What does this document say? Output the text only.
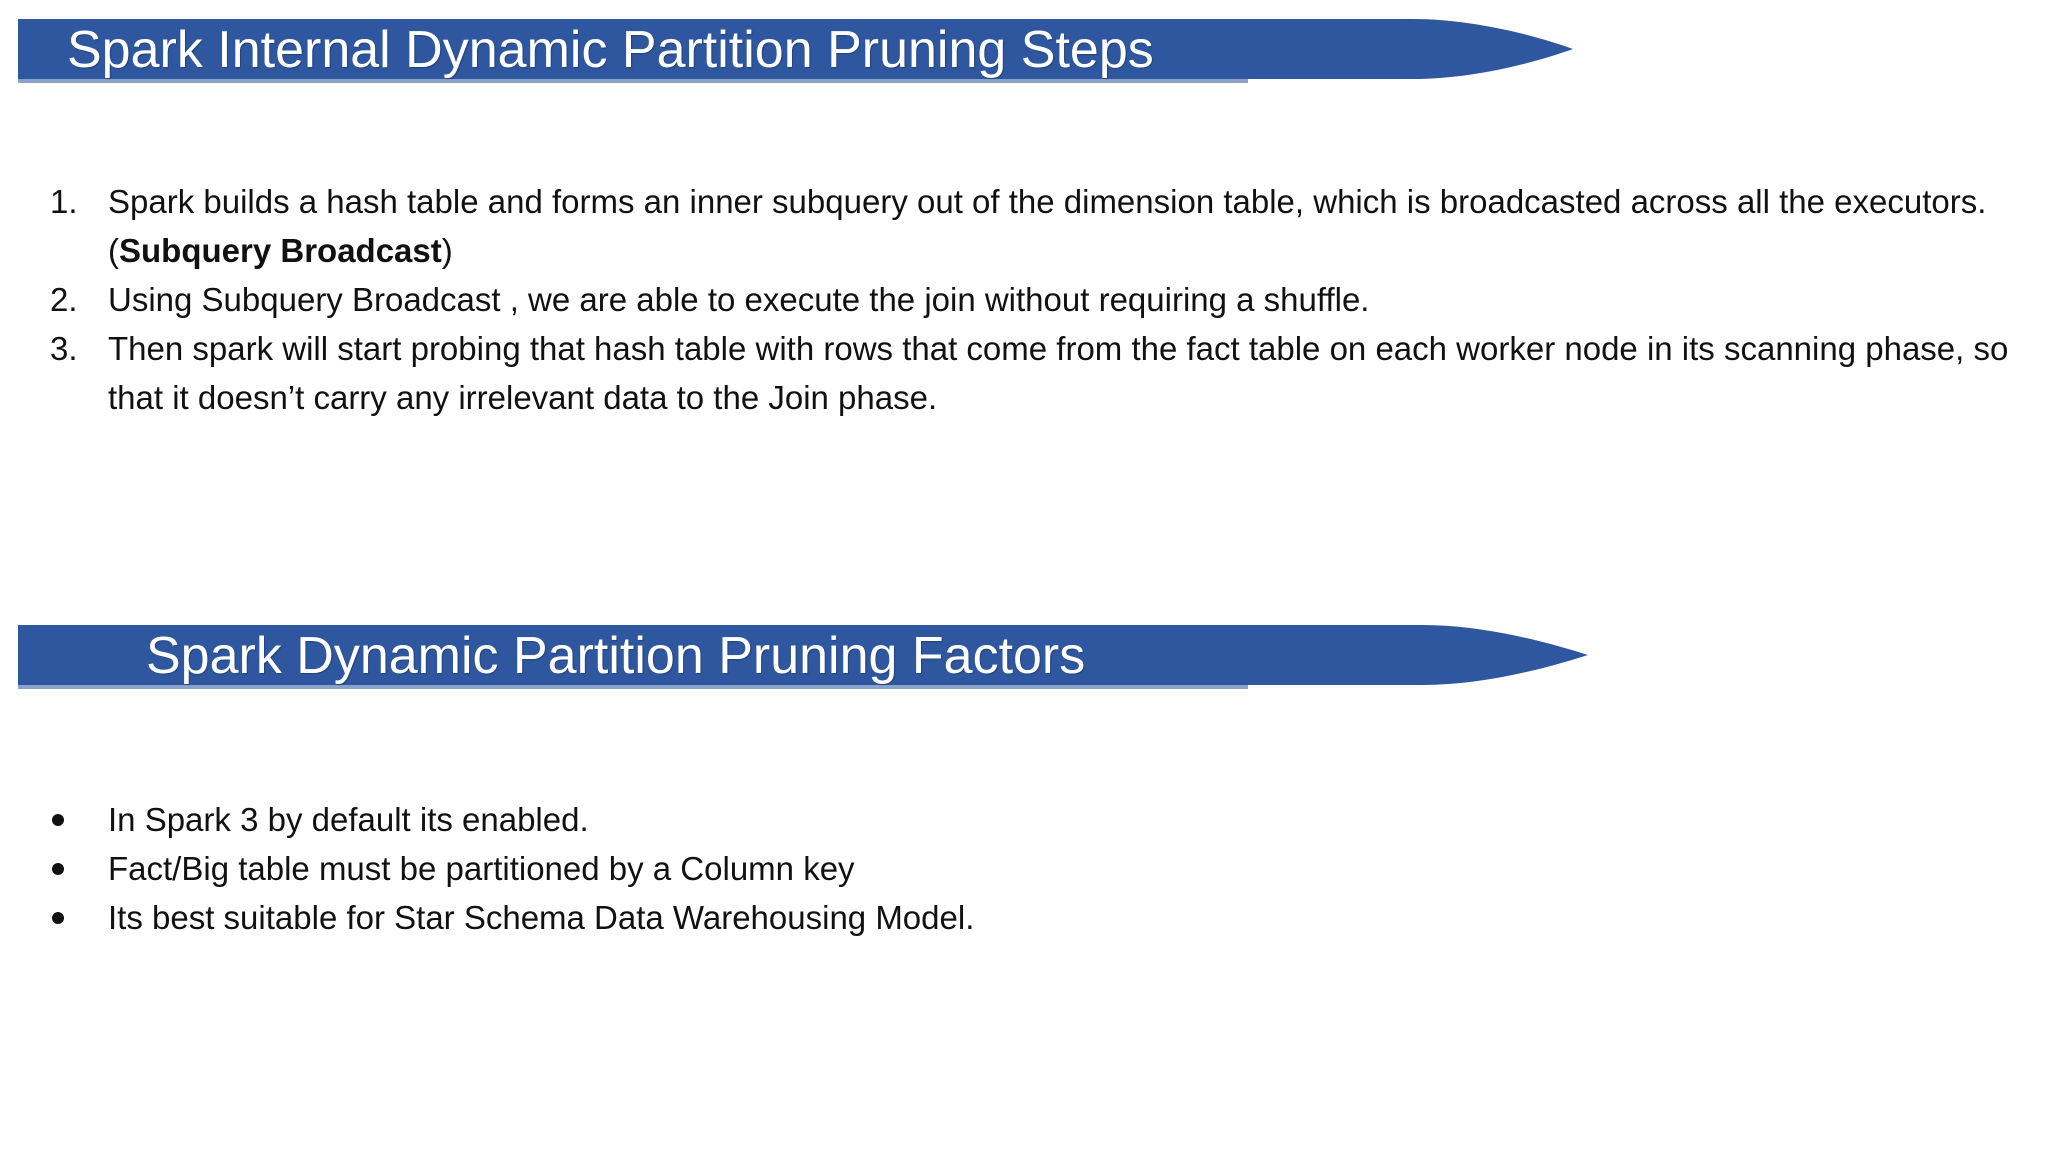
Spark Internal Dynamic Partition Pruning Steps
1. Spark builds a hash table and forms an inner subquery out of the dimension table, which is broadcasted across all the executors. (Subquery Broadcast)
2. Using Subquery Broadcast , we are able to execute the join without requiring a shuffle.
3. Then spark will start probing that hash table with rows that come from the fact table on each worker node in its scanning phase, so that it doesn’t carry any irrelevant data to the Join phase.
Spark Dynamic Partition Pruning Factors
In Spark 3 by default its enabled.
Fact/Big table must be partitioned by a Column key
Its best suitable for Star Schema Data Warehousing Model.
